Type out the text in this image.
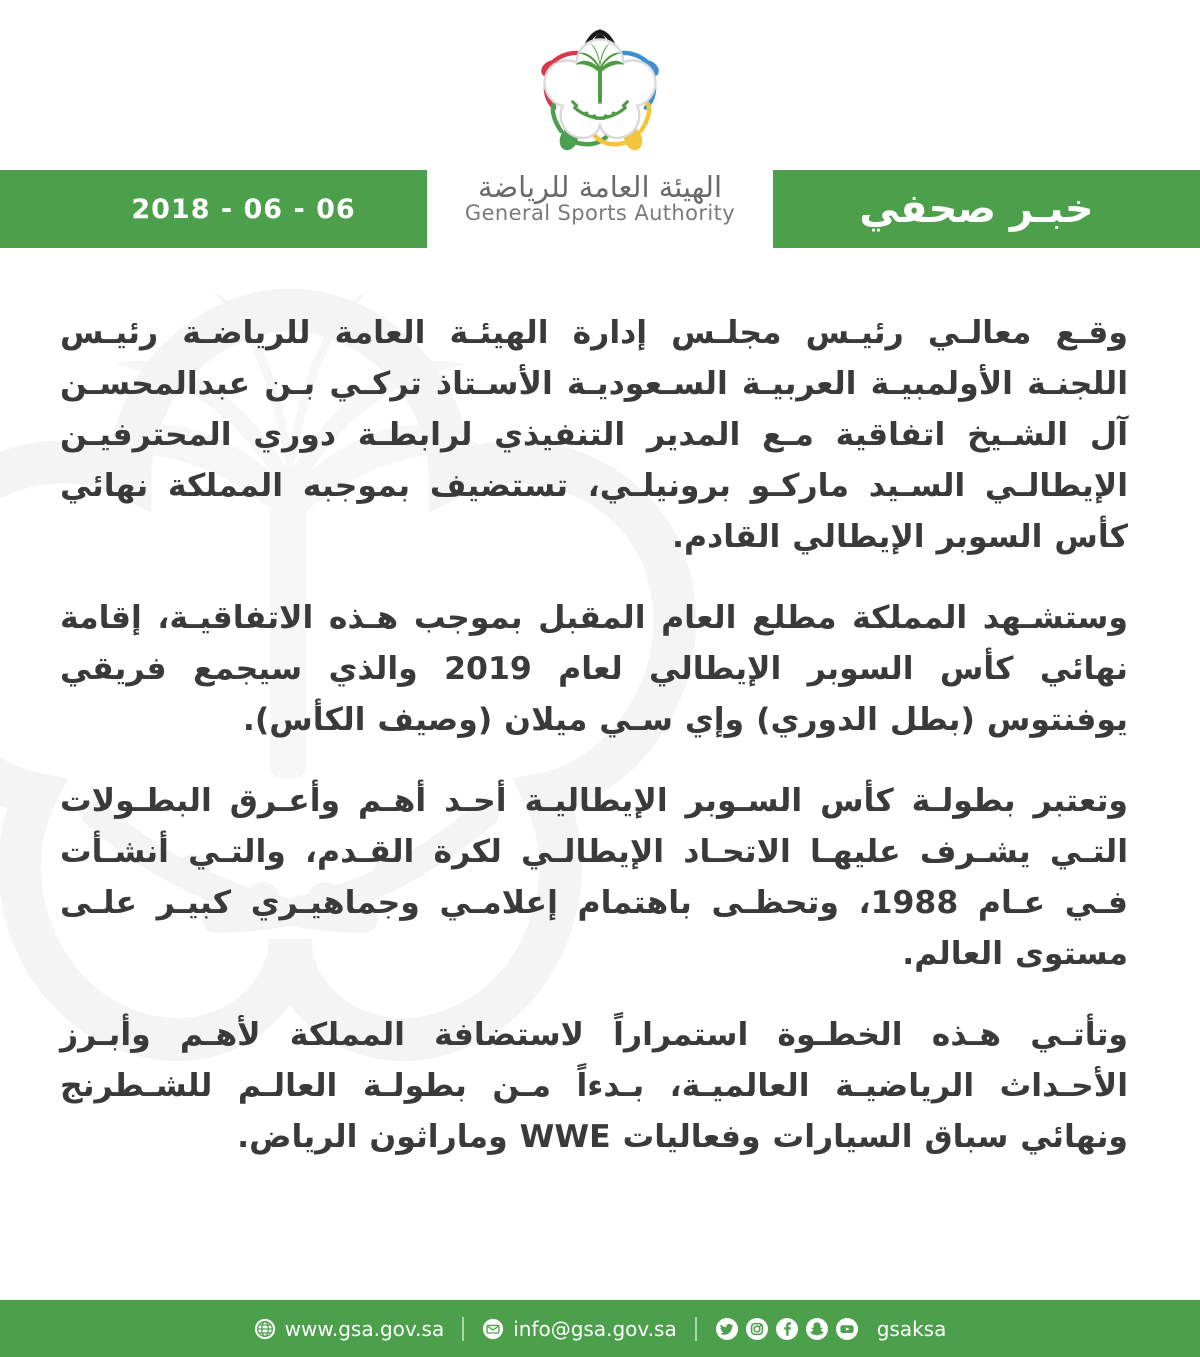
2018 - 06 - 06	خبـر صحفي
الهيئة العامة للرياضة
General Sports Authority

وقـع معالـي رئيـس مجلـس إدارة الهيئـة العامة للرياضـة رئيـس اللجنـة الأولمبيـة العربيـة السـعوديـة الأسـتاذ تركـي بـن عبدالمحسـن آل الشـيخ اتفاقية مـع المدير التنفيذي لرابطـة دوري المحترفيـن الإيطالـي السـيد ماركـو برونيلـي، تستضيف بموجبه المملكة نهائي كأس السوبر الإيطالي القادم.

وستشـهد المملكة مطلع العام المقبل بموجب هـذه الاتفاقيـة، إقامة نهائي كأس السوبر الإيطالي لعام 2019 والذي سيجمع فريقي يوفنتوس (بطل الدوري) وإي سـي ميلان (وصيف الكأس).

وتعتبر بطولـة كأس السـوبر الإيطاليـة أحـد أهـم وأعـرق البطـولات التـي يشـرف عليهـا الاتحـاد الإيطالـي لكرة القـدم، والتـي أنشـأت فـي عـام 1988، وتحظـى باهتمام إعلامـي وجماهيـري كبيـر علـى مستوى العالم.

وتأتـي هـذه الخطـوة استمراراً لاستضافة المملكة لأهـم وأبـرز الأحـداث الرياضيـة العالميـة، بـدءاً مـن بطولـة العالـم للشـطرنج ونهائي سباق السيارات وفعاليات WWE وماراثون الرياض.

www.gsa.gov.sa	info@gsa.gov.sa	gsaksa
